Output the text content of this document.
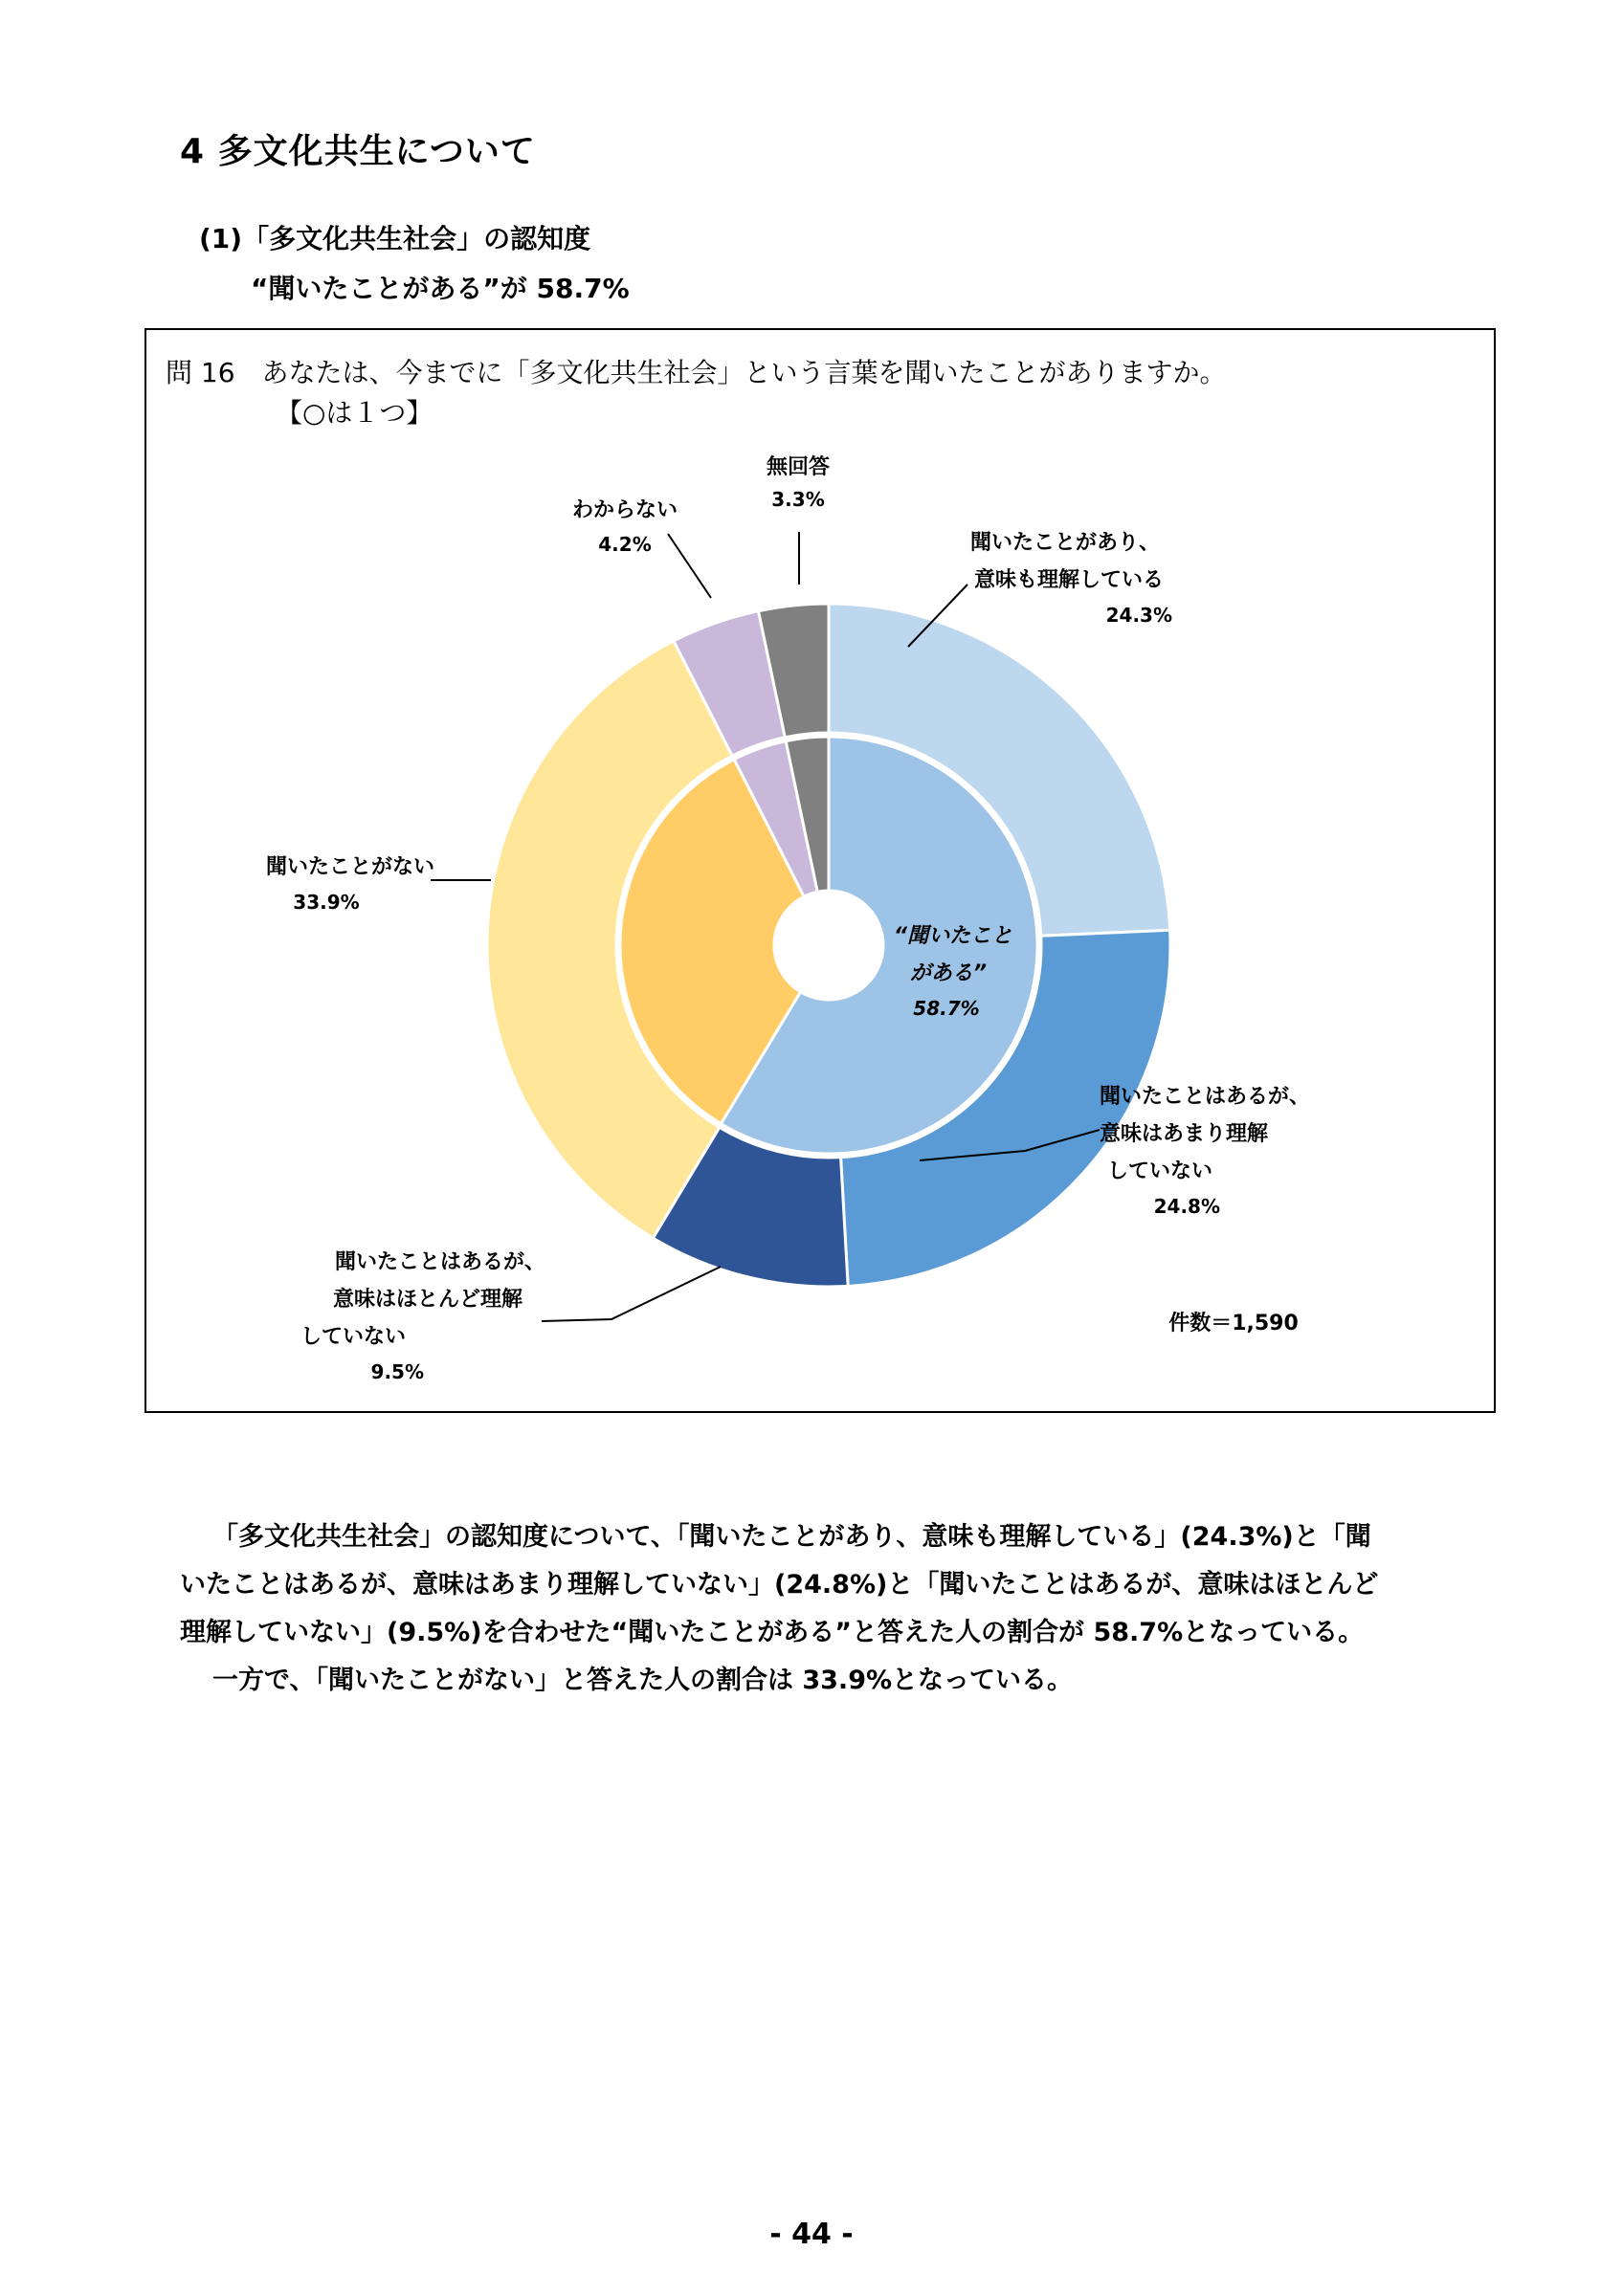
4 多文化共生について
(1)「多文化共生社会」の認知度
“聞いたことがある”が 58.7%
問 16　あなたは、今までに「多文化共生社会」という言葉を聞いたことがありますか。
【○は１つ】
無回答
3.3%
わからない
4.2%	聞いたことがあり、
意味も理解している
24.3%
聞いたことがない
33.9%
聞いたことはあるが、
意味はあまり理解
していない
24.8%
聞いたことはあるが、
意味はほとんど理解
していない
9.5%
“聞いたこと
がある”
58.7%
件数＝1,590

「多文化共生社会」の認知度について、「聞いたことがあり、意味も理解している」(24.3%)と「聞

いたことはあるが、意味はあまり理解していない」(24.8%)と「聞いたことはあるが、意味はほとんど

理解していない」(9.5%)を合わせた“聞いたことがある”と答えた人の割合が 58.7%となっている。

一方で、「聞いたことがない」と答えた人の割合は 33.9%となっている。

- 44 -
